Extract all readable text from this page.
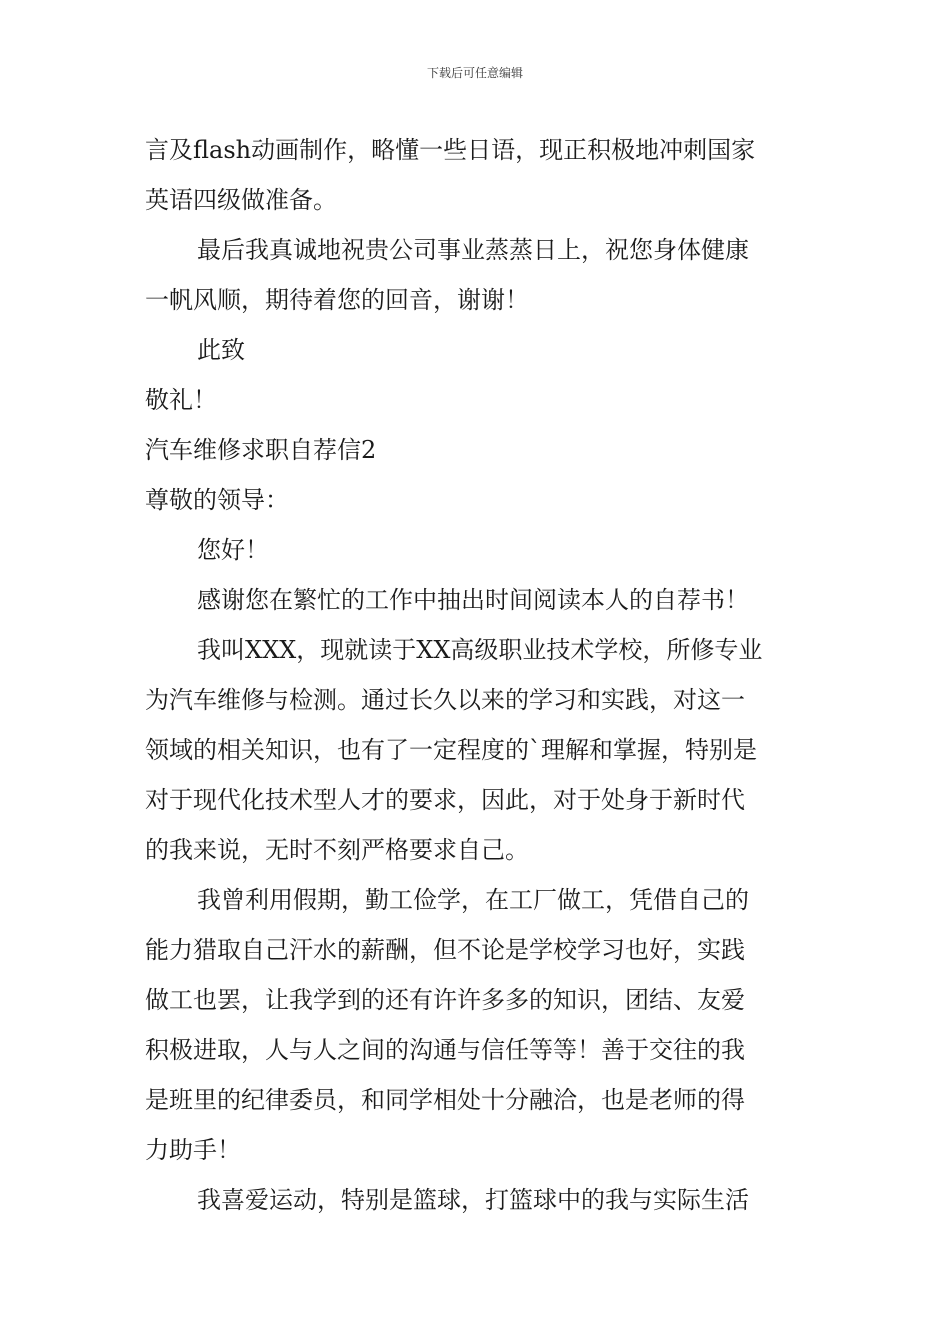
下载后可任意编辑
言及flash动画制作，略懂一些日语，现正积极地冲刺国家
英语四级做准备。
最后我真诚地祝贵公司事业蒸蒸日上，祝您身体健康
一帆风顺，期待着您的回音，谢谢！
此致
敬礼！
汽车维修求职自荐信2
尊敬的领导：
您好！
感谢您在繁忙的工作中抽出时间阅读本人的自荐书！
我叫XXX，现就读于XX高级职业技术学校，所修专业
为汽车维修与检测。通过长久以来的学习和实践，对这一
领域的相关知识，也有了一定程度的`理解和掌握，特别是
对于现代化技术型人才的要求，因此，对于处身于新时代
的我来说，无时不刻严格要求自己。
我曾利用假期，勤工俭学，在工厂做工，凭借自己的
能力猎取自己汗水的薪酬，但不论是学校学习也好，实践
做工也罢，让我学到的还有许许多多的知识，团结、友爱
积极进取，人与人之间的沟通与信任等等！善于交往的我
是班里的纪律委员，和同学相处十分融洽，也是老师的得
力助手！
我喜爱运动，特别是篮球，打篮球中的我与实际生活
